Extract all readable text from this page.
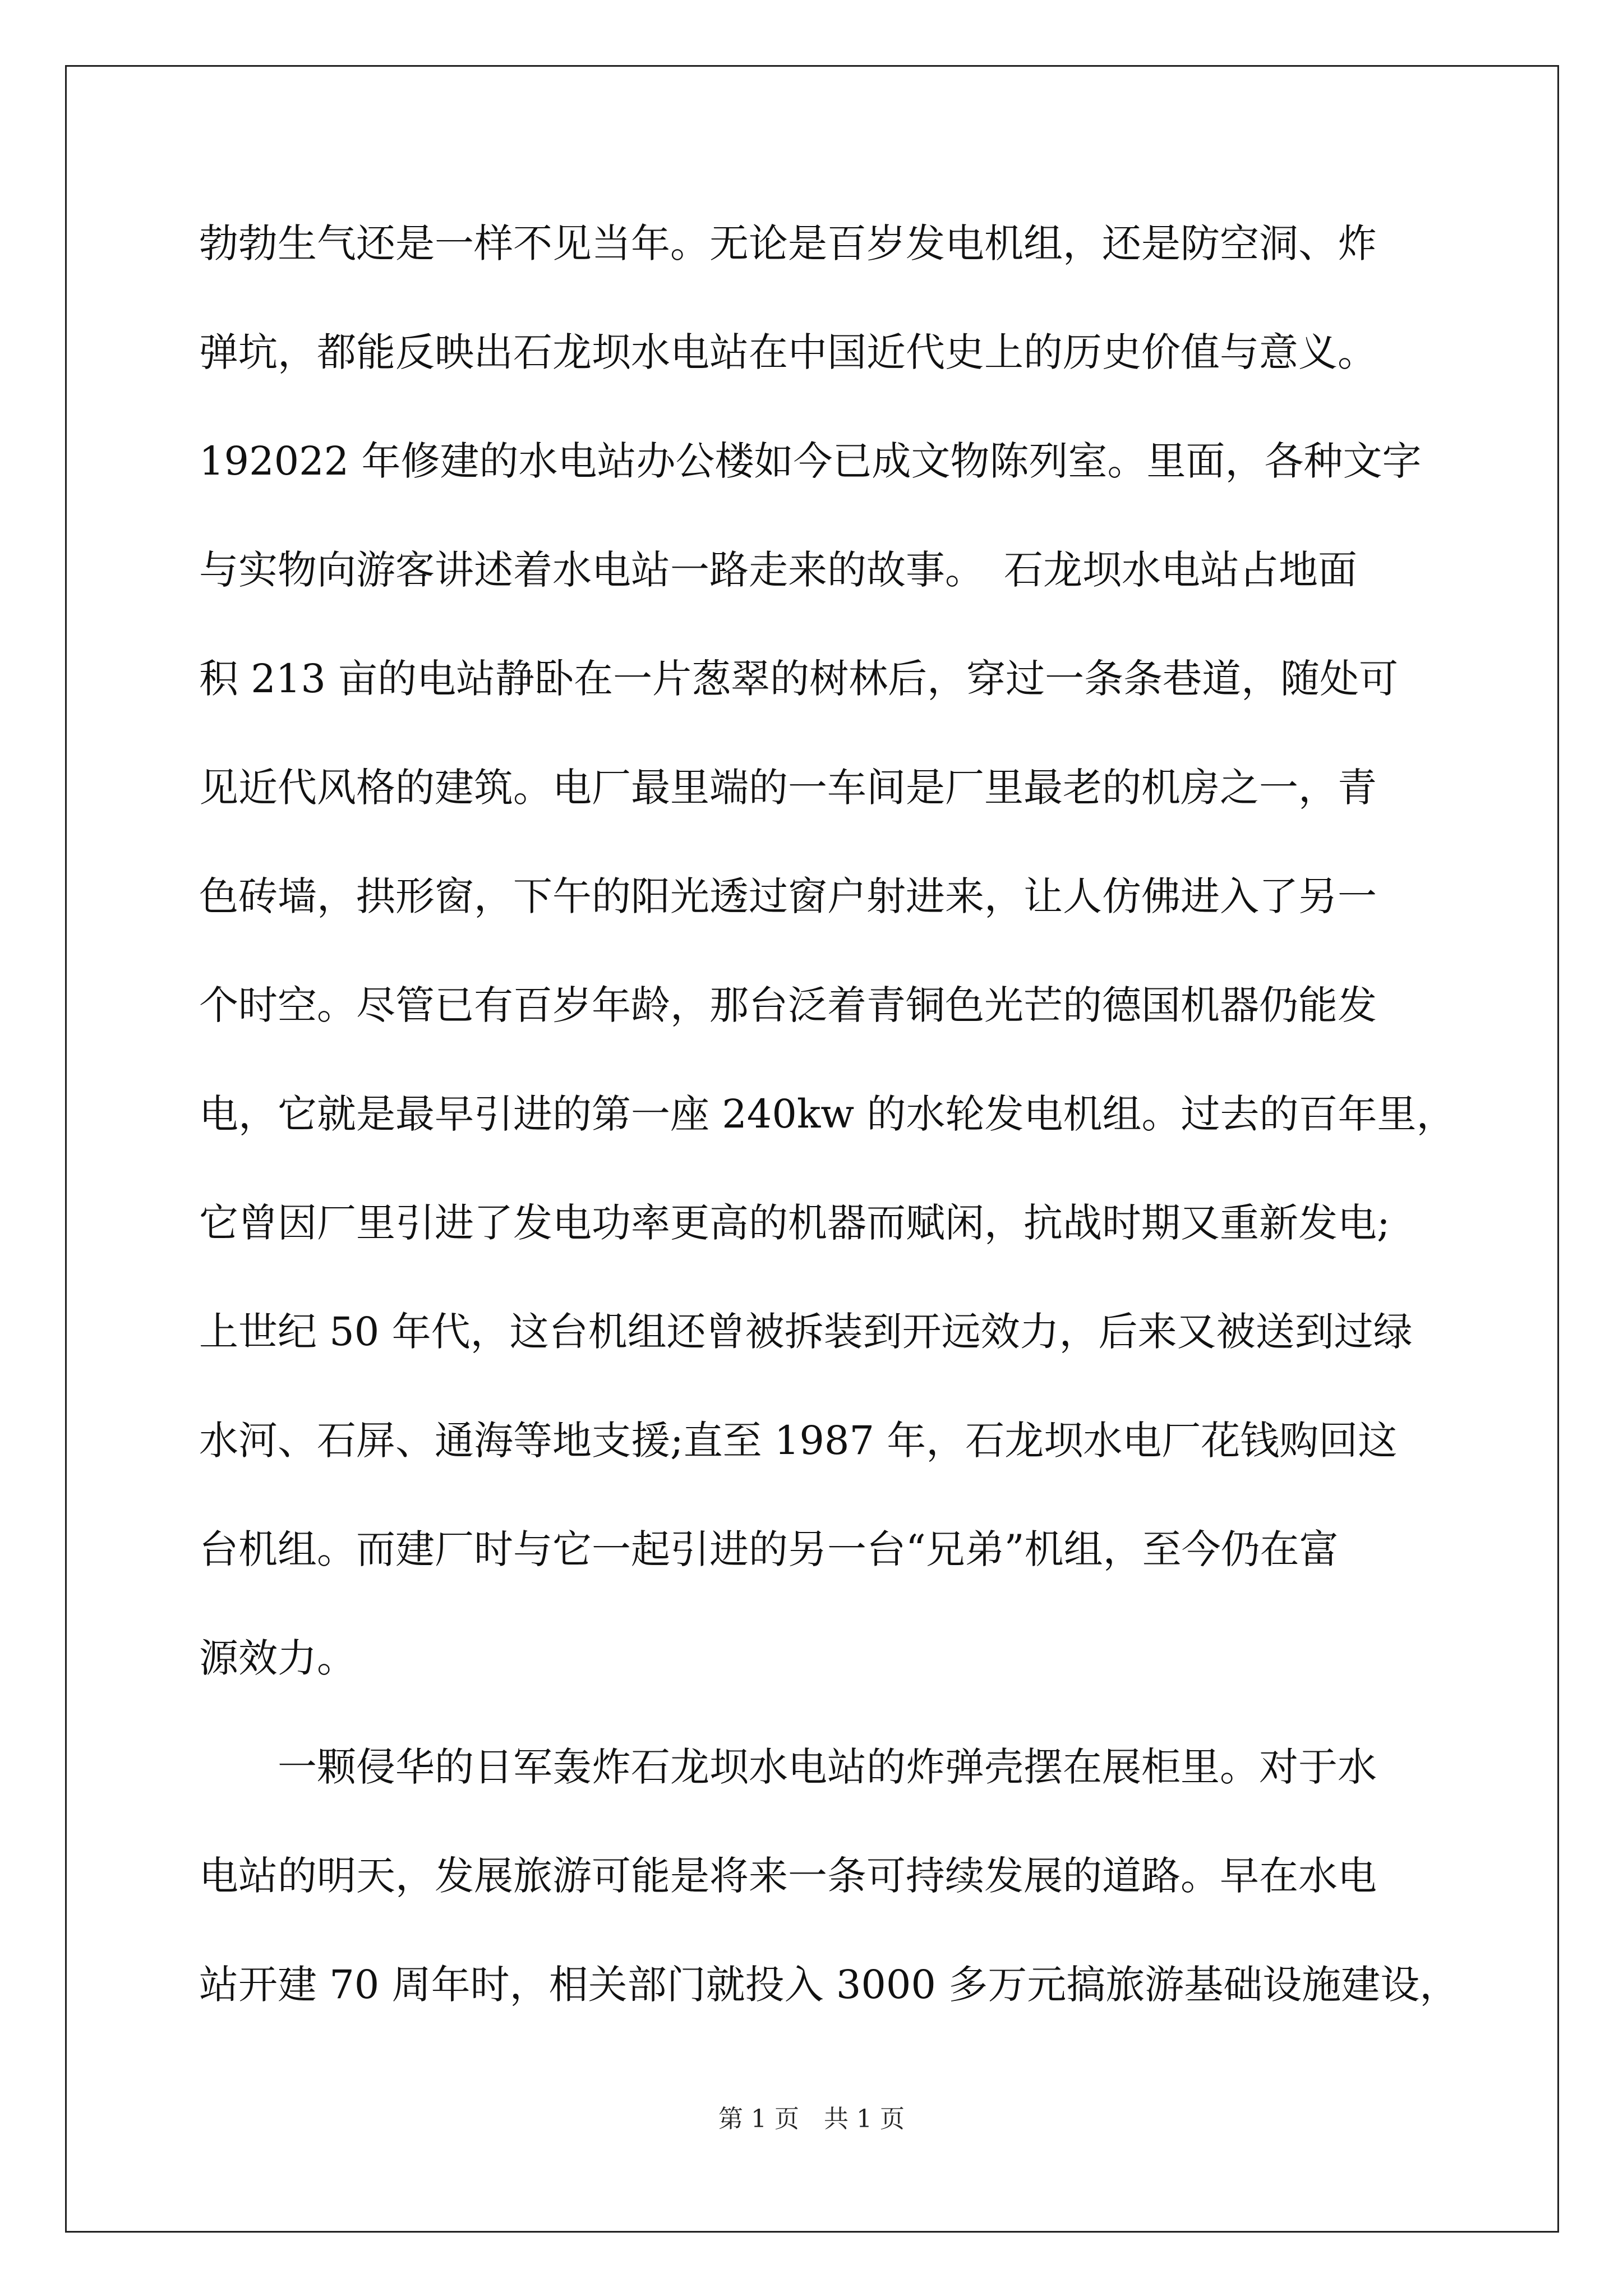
勃勃生气还是一样不见当年。无论是百岁发电机组，还是防空洞、炸
弹坑，都能反映出石龙坝水电站在中国近代史上的历史价值与意义。
192022 年修建的水电站办公楼如今已成文物陈列室。里面，各种文字
与实物向游客讲述着水电站一路走来的故事。　石龙坝水电站占地面
积 213 亩的电站静卧在一片葱翠的树林后，穿过一条条巷道，随处可
见近代风格的建筑。电厂最里端的一车间是厂里最老的机房之一，青
色砖墙，拱形窗，下午的阳光透过窗户射进来，让人仿佛进入了另一
个时空。尽管已有百岁年龄，那台泛着青铜色光芒的德国机器仍能发
电，它就是最早引进的第一座 240kw 的水轮发电机组。过去的百年里，
它曾因厂里引进了发电功率更高的机器而赋闲，抗战时期又重新发电;
上世纪 50 年代，这台机组还曾被拆装到开远效力，后来又被送到过绿
水河、石屏、通海等地支援;直至 1987 年，石龙坝水电厂花钱购回这
台机组。而建厂时与它一起引进的另一台“兄弟”机组，至今仍在富
源效力。
　　一颗侵华的日军轰炸石龙坝水电站的炸弹壳摆在展柜里。对于水
电站的明天，发展旅游可能是将来一条可持续发展的道路。早在水电
站开建 70 周年时，相关部门就投入 3000 多万元搞旅游基础设施建设，
第 1 页　共 1 页
